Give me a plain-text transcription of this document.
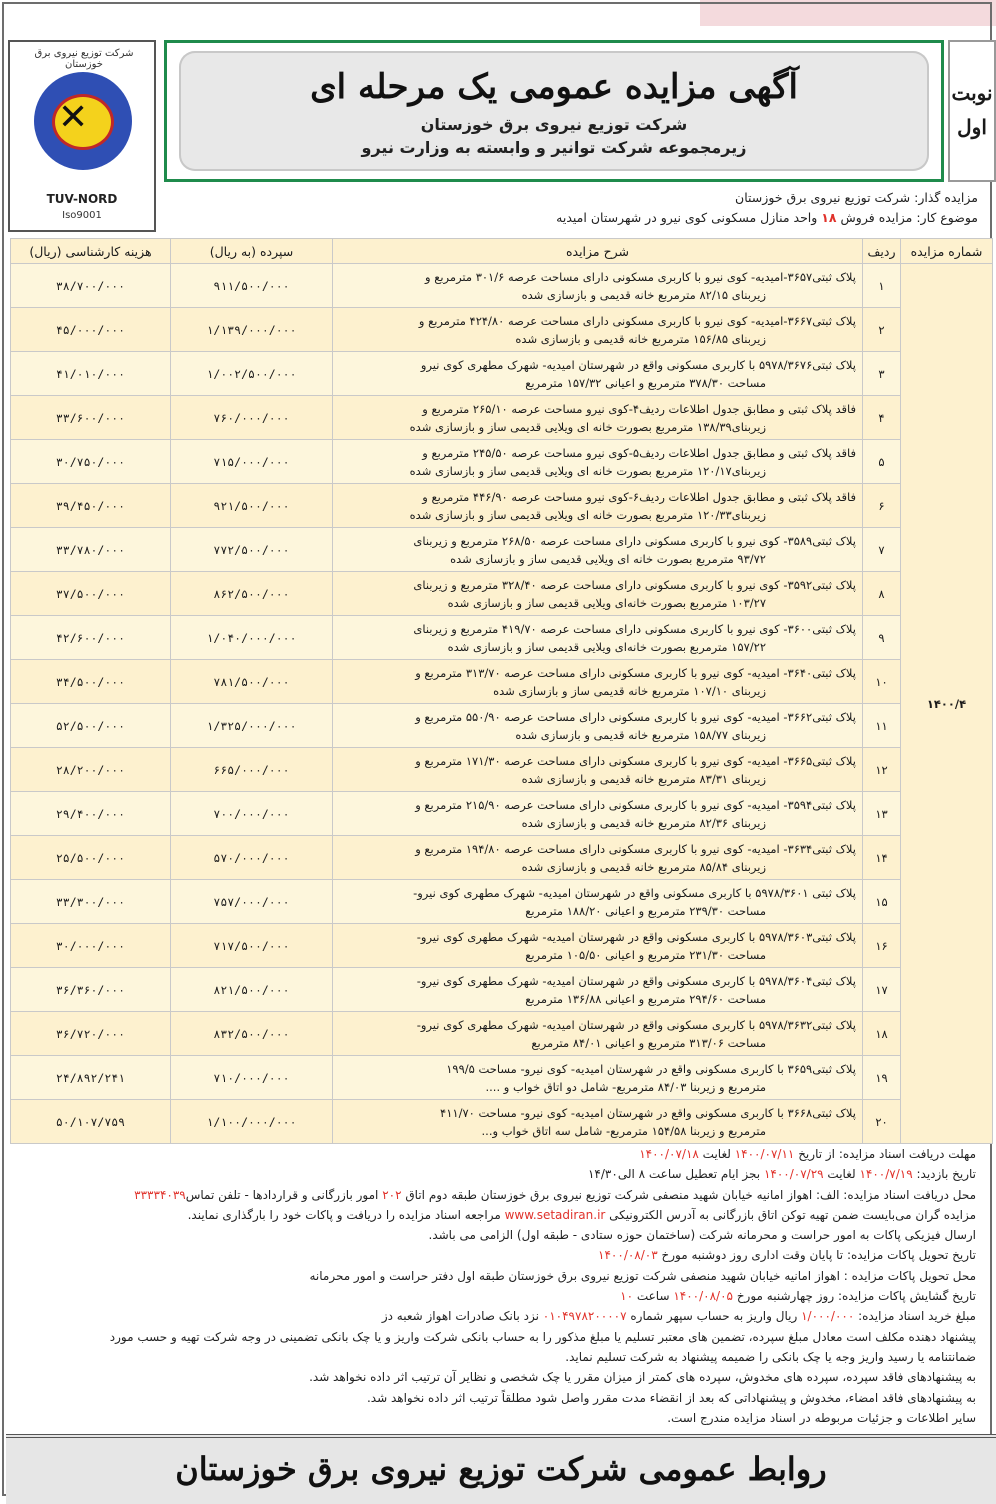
شرکت توزیع نیروی برق خوزستان
✕
TUV-NORD
Iso9001
آگهی مزایده عمومی یک مرحله ای
شرکت توزیع نیروی برق خوزستان
زیرمجموعه شرکت توانیر و وابسته به وزارت نیرو
نوبت
اول
مزایده گذار: شرکت توزیع نیروی برق خوزستان
موضوع کار: مزایده فروش ۱۸ واحد منازل مسکونی کوی نیرو در شهرستان امیدیه
شماره مزایده	ردیف	شرح مزایده	سپرده (به ریال)	هزینه کارشناسی (ریال)
۱۴۰۰/۴	۱	پلاک ثبتی۳۶۵۷-امیدیه- کوی نیرو با کاربری مسکونی دارای مساحت عرصه ۳۰۱/۶ مترمربع و
زیربنای ۸۲/۱۵ مترمربع خانه قدیمی و بازسازی شده	۹۱۱/۵۰۰/۰۰۰	۳۸/۷۰۰/۰۰۰
	۲	پلاک ثبتی۳۶۶۷-امیدیه- کوی نیرو با کاربری مسکونی دارای مساحت عرصه ۴۲۴/۸۰ مترمربع و
زیربنای ۱۵۶/۸۵ مترمربع خانه قدیمی و بازسازی شده	۱/۱۳۹/۰۰۰/۰۰۰	۴۵/۰۰۰/۰۰۰
	۳	پلاک ثبتی۵۹۷۸/۳۶۷۶ با کاربری مسکونی واقع در شهرستان امیدیه- شهرک مطهری کوی نیرو
مساحت ۳۷۸/۳۰ مترمربع و اعیانی ۱۵۷/۳۲ مترمربع	۱/۰۰۲/۵۰۰/۰۰۰	۴۱/۰۱۰/۰۰۰
	۴	فاقد پلاک ثبتی و مطابق جدول اطلاعات ردیف۴-کوی نیرو مساحت عرصه ۲۶۵/۱۰ مترمربع و
زیربنای۱۳۸/۳۹ مترمربع بصورت خانه ای ویلایی قدیمی ساز و بازسازی شده	۷۶۰/۰۰۰/۰۰۰	۳۳/۶۰۰/۰۰۰
	۵	فاقد پلاک ثبتی و مطابق جدول اطلاعات ردیف۵-کوی نیرو مساحت عرصه ۲۴۵/۵۰ مترمربع و
زیربنای۱۲۰/۱۷ مترمربع بصورت خانه ای ویلایی قدیمی ساز و بازسازی شده	۷۱۵/۰۰۰/۰۰۰	۳۰/۷۵۰/۰۰۰
	۶	فاقد پلاک ثبتی و مطابق جدول اطلاعات ردیف۶-کوی نیرو مساحت عرصه ۴۴۶/۹۰ مترمربع و
زیربنای۱۲۰/۳۳ مترمربع بصورت خانه ای ویلایی قدیمی ساز و بازسازی شده	۹۲۱/۵۰۰/۰۰۰	۳۹/۴۵۰/۰۰۰
	۷	پلاک ثبتی۳۵۸۹- کوی نیرو با کاربری مسکونی دارای مساحت عرصه ۲۶۸/۵۰ مترمربع و زیربنای
۹۳/۷۲ مترمربع بصورت خانه ای ویلایی قدیمی ساز و بازسازی شده	۷۷۲/۵۰۰/۰۰۰	۳۳/۷۸۰/۰۰۰
	۸	پلاک ثبتی۳۵۹۲- کوی نیرو با کاربری مسکونی دارای مساحت عرصه ۳۲۸/۴۰ مترمربع و زیربنای
۱۰۳/۲۷ مترمربع بصورت خانه‌ای ویلایی قدیمی ساز و بازسازی شده	۸۶۲/۵۰۰/۰۰۰	۳۷/۵۰۰/۰۰۰
	۹	پلاک ثبتی۳۶۰۰- کوی نیرو با کاربری مسکونی دارای مساحت عرصه ۴۱۹/۷۰ مترمربع و زیربنای
۱۵۷/۲۲ مترمربع بصورت خانه‌ای ویلایی قدیمی ساز و بازسازی شده	۱/۰۴۰/۰۰۰/۰۰۰	۴۲/۶۰۰/۰۰۰
	۱۰	پلاک ثبتی۳۶۴۰- امیدیه- کوی نیرو با کاربری مسکونی دارای مساحت عرصه ۳۱۳/۷۰ مترمربع و
زیربنای ۱۰۷/۱۰ مترمربع خانه قدیمی ساز و بازسازی شده	۷۸۱/۵۰۰/۰۰۰	۳۴/۵۰۰/۰۰۰
	۱۱	پلاک ثبتی۳۶۶۲- امیدیه- کوی نیرو با کاربری مسکونی دارای مساحت عرصه ۵۵۰/۹۰ مترمربع و
زیربنای ۱۵۸/۷۷ مترمربع خانه قدیمی و بازسازی شده	۱/۳۲۵/۰۰۰/۰۰۰	۵۲/۵۰۰/۰۰۰
	۱۲	پلاک ثبتی۳۶۶۵- امیدیه- کوی نیرو با کاربری مسکونی دارای مساحت عرصه ۱۷۱/۳۰ مترمربع و
زیربنای ۸۳/۳۱ مترمربع خانه قدیمی و بازسازی شده	۶۶۵/۰۰۰/۰۰۰	۲۸/۲۰۰/۰۰۰
	۱۳	پلاک ثبتی۳۵۹۴- امیدیه- کوی نیرو با کاربری مسکونی دارای مساحت عرصه ۲۱۵/۹۰ مترمربع و
زیربنای ۸۲/۳۶ مترمربع خانه قدیمی و بازسازی شده	۷۰۰/۰۰۰/۰۰۰	۲۹/۴۰۰/۰۰۰
	۱۴	پلاک ثبتی۳۶۳۴- امیدیه- کوی نیرو با کاربری مسکونی دارای مساحت عرصه ۱۹۴/۸۰ مترمربع و
زیربنای ۸۵/۸۴ مترمربع خانه قدیمی و بازسازی شده	۵۷۰/۰۰۰/۰۰۰	۲۵/۵۰۰/۰۰۰
	۱۵	پلاک ثبتی ۵۹۷۸/۳۶۰۱ با کاربری مسکونی واقع در شهرستان امیدیه- شهرک مطهری کوی نیرو-
مساحت ۲۳۹/۳۰ مترمربع و اعیانی ۱۸۸/۲۰ مترمربع	۷۵۷/۰۰۰/۰۰۰	۳۳/۳۰۰/۰۰۰
	۱۶	پلاک ثبتی۵۹۷۸/۳۶۰۳ با کاربری مسکونی واقع در شهرستان امیدیه- شهرک مطهری کوی نیرو-
مساحت ۲۳۱/۳۰ مترمربع و اعیانی ۱۰۵/۵۰ مترمربع	۷۱۷/۵۰۰/۰۰۰	۳۰/۰۰۰/۰۰۰
	۱۷	پلاک ثبتی۵۹۷۸/۳۶۰۴ با کاربری مسکونی واقع در شهرستان امیدیه- شهرک مطهری کوی نیرو-
مساحت ۲۹۴/۶۰ مترمربع و اعیانی ۱۳۶/۸۸ مترمربع	۸۲۱/۵۰۰/۰۰۰	۳۶/۳۶۰/۰۰۰
	۱۸	پلاک ثبتی۵۹۷۸/۳۶۳۲ با کاربری مسکونی واقع در شهرستان امیدیه- شهرک مطهری کوی نیرو-
مساحت ۳۱۳/۰۶ مترمربع و اعیانی ۸۴/۰۱ مترمربع	۸۳۲/۵۰۰/۰۰۰	۳۶/۷۲۰/۰۰۰
	۱۹	پلاک ثبتی۳۶۵۹ با کاربری مسکونی واقع در شهرستان امیدیه- کوی نیرو- مساحت ۱۹۹/۵
مترمربع و زیربنا ۸۴/۰۳ مترمربع- شامل دو اتاق خواب و ....	۷۱۰/۰۰۰/۰۰۰	۲۴/۸۹۲/۲۴۱
	۲۰	پلاک ثبتی۳۶۶۸ با کاربری مسکونی واقع در شهرستان امیدیه- کوی نیرو- مساحت ۴۱۱/۷۰
مترمربع و زیربنا ۱۵۴/۵۸ مترمربع- شامل سه اتاق خواب و...	۱/۱۰۰/۰۰۰/۰۰۰	۵۰/۱۰۷/۷۵۹
مهلت دریافت اسناد مزایده: از تاریخ ۱۴۰۰/۰۷/۱۱ لغایت ۱۴۰۰/۰۷/۱۸
تاریخ بازدید: ۱۴۰۰/۷/۱۹ لغایت ۱۴۰۰/۰۷/۲۹ بجز ایام تعطیل ساعت ۸ الی۱۴/۳۰
محل دریافت اسناد مزایده: الف: اهواز امانیه خیابان شهید منصفی شرکت توزیع نیروی برق خوزستان طبقه دوم اتاق ۲۰۲ امور بازرگانی و قراردادها - تلفن تماس۳۳۳۳۴۰۳۹
مزایده گران می‌بایست ضمن تهیه توکن اتاق بازرگانی به آدرس الکترونیکی www.setadiran.ir مراجعه اسناد مزایده را دریافت و پاکات خود را بارگذاری نمایند.
ارسال فیزیکی پاکات به امور حراست و محرمانه شرکت (ساختمان حوزه ستادی - طبقه اول) الزامی می باشد.
تاریخ تحویل پاکات مزایده: تا پایان وقت اداری روز دوشنبه مورخ ۱۴۰۰/۰۸/۰۳
محل تحویل پاکات مزایده : اهواز امانیه خیابان شهید منصفی شرکت توزیع نیروی برق خوزستان طبقه اول دفتر حراست و امور محرمانه
تاریخ گشایش پاکات مزایده: روز چهارشنبه مورخ ۱۴۰۰/۰۸/۰۵ ساعت ۱۰
مبلغ خرید اسناد مزایده: ۱/۰۰۰/۰۰۰ ریال واریز به حساب سپهر شماره ۰۱۰۴۹۷۸۲۰۰۰۰۷ نزد بانک صادرات اهواز شعبه دز
پیشنهاد دهنده مکلف است معادل مبلغ سپرده، تضمین های معتبر تسلیم یا مبلغ مذکور را به حساب بانکی شرکت واریز و یا چک بانکی تضمینی در وجه شرکت تهیه و حسب مورد
ضمانتنامه یا رسید واریز وجه یا چک بانکی را ضمیمه پیشنهاد به شرکت تسلیم نماید.
به پیشنهادهای فاقد سپرده، سپرده های مخدوش، سپرده های کمتر از میزان مقرر یا چک شخصی و نظایر آن ترتیب اثر داده نخواهد شد.
به پیشنهادهای فاقد امضاء، مخدوش و پیشنهاداتی که بعد از انقضاء مدت مقرر واصل شود مطلقاً ترتیب اثر داده نخواهد شد.
سایر اطلاعات و جزئیات مربوطه در اسناد مزایده مندرج است.
روابط عمومی شرکت توزیع نیروی برق خوزستان
